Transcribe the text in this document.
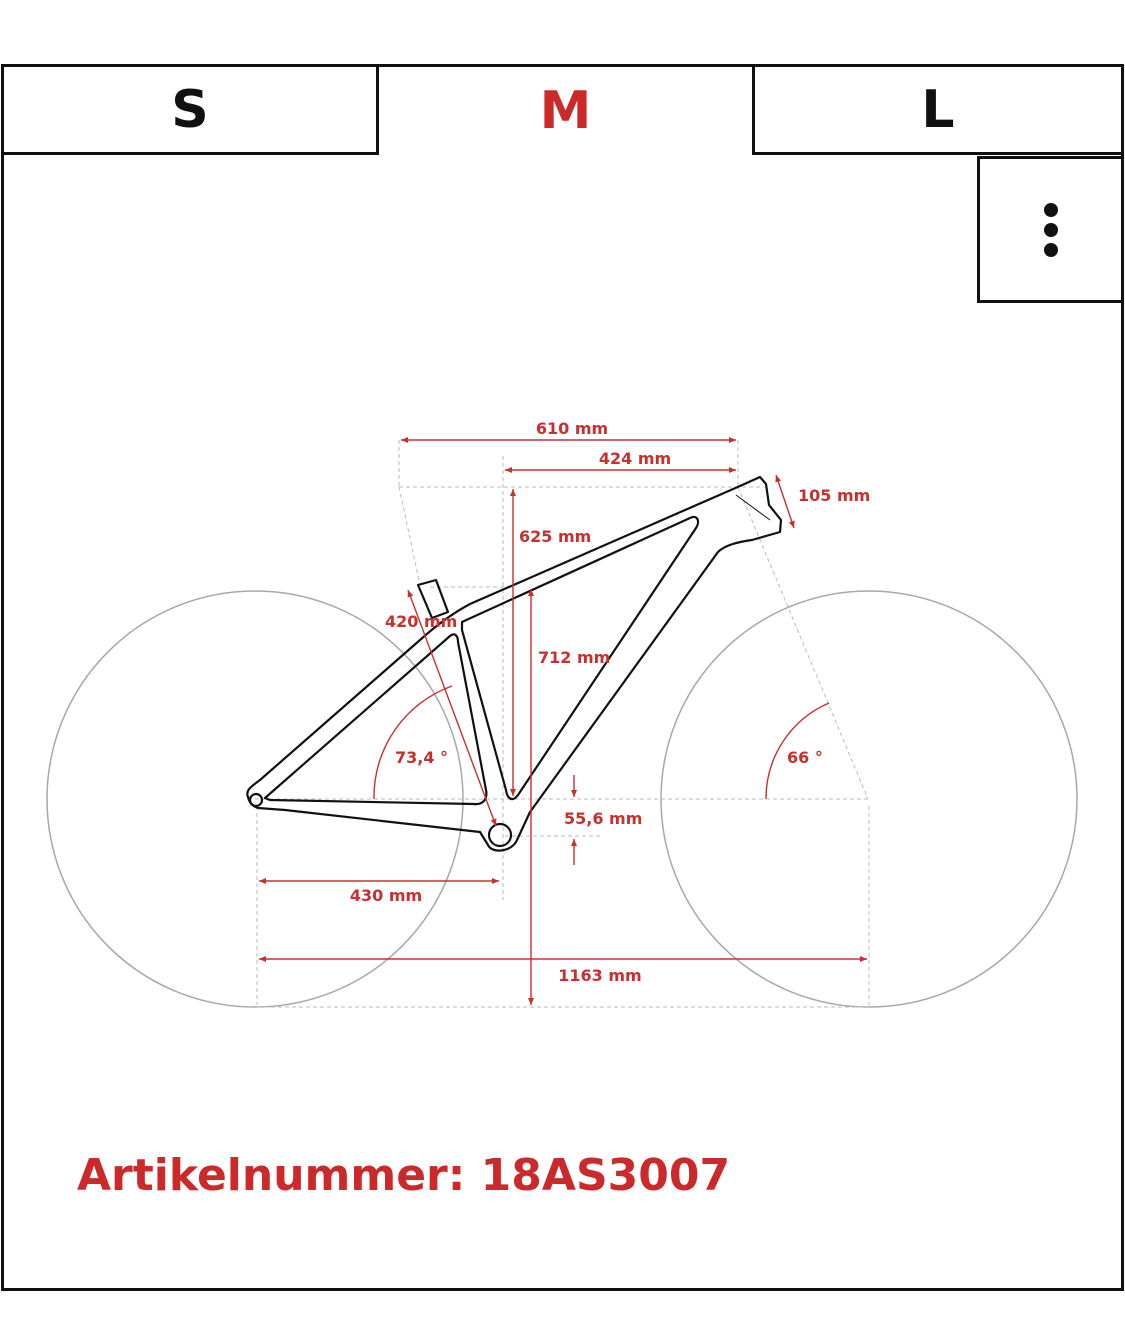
S	M	L
610 mm
424 mm
105 mm
625 mm
420 mm
712 mm
73,4 °	66 °
55,6 mm
430 mm
1163 mm
Artikelnummer: 18AS3007
